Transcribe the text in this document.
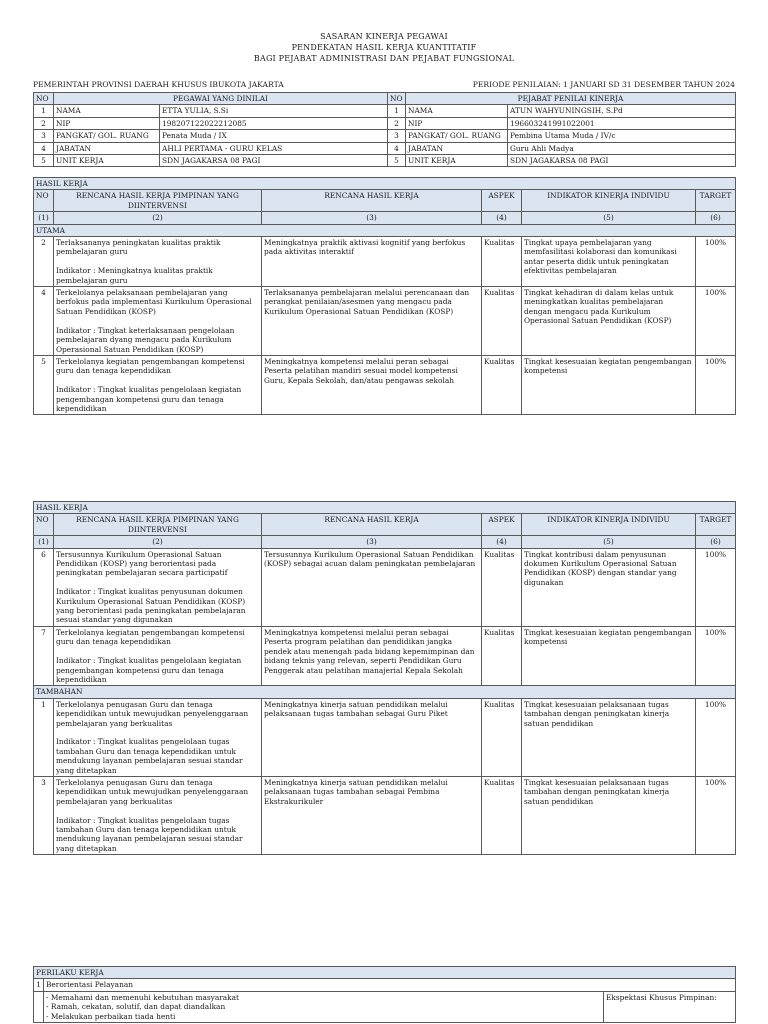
SASARAN KINERJA PEGAWAI
PENDEKATAN HASIL KERJA KUANTITATIF
BAGI PEJABAT ADMINISTRASI DAN PEJABAT FUNGSIONAL
PEMERINTAH PROVINSI DAERAH KHUSUS IBUKOTA JAKARTA	PERIODE PENILAIAN: 1 JANUARI SD 31 DESEMBER TAHUN 2024
NO	PEGAWAI YANG DINILAI		NO	PEJABAT PENILAI KINERJA	
1	NAMA	ETTA YULIA, S.Si	1	NAMA	ATUN WAHYUNINGSIH, S.Pd
2	NIP	198207122022212085	2	NIP	196603241991022001
3	PANGKAT/ GOL. RUANG	Penata Muda / IX	3	PANGKAT/ GOL. RUANG	Pembina Utama Muda / IV/c
4	JABATAN	AHLI PERTAMA - GURU KELAS	4	JABATAN	Guru Ahli Madya
5	UNIT KERJA	SDN JAGAKARSA 08 PAGI	5	UNIT KERJA	SDN JAGAKARSA 08 PAGI
HASIL KERJA					
NO	RENCANA HASIL KERJA PIMPINAN YANG DIINTERVENSI	RENCANA HASIL KERJA	ASPEK	INDIKATOR KINERJA INDIVIDU	TARGET
(1)	(2)	(3)	(4)	(5)	(6)
UTAMA					
2	Terlaksananya peningkatan kualitas praktik pembelajaran guru

Indikator : Meningkatnya kualitas praktik pembelajaran guru	Meningkatnya praktik aktivasi kognitif yang berfokus pada aktivitas interaktif	Kualitas	Tingkat upaya pembelajaran yang memfasilitasi kolaborasi dan komunikasi antar peserta didik untuk peningkatan efektivitas pembelajaran	100%
4	Terkelolanya pelaksanaan pembelajaran yang berfokus pada implementasi Kurikulum Operasional Satuan Pendidikan (KOSP)

Indikator : Tingkat keterlaksanaan pengelolaan pembelajaran dyang mengacu pada Kurikulum Operasional Satuan Pendidikan (KOSP)	Terlaksananya pembelajaran melalui perencanaan dan perangkat penilaian/asesmen yang mengacu pada Kurikulum Operasional Satuan Pendidikan (KOSP)	Kualitas	Tingkat kehadiran di dalam kelas untuk meningkatkan kualitas pembelajaran dengan mengacu pada Kurikulum Operasional Satuan Pendidikan (KOSP)	100%
5	Terkelolanya kegiatan pengembangan kompetensi guru dan tenaga kependidikan

Indikator : Tingkat kualitas pengelolaan kegiatan pengembangan kompetensi guru dan tenaga kependidikan	Meningkatnya kompetensi melalui peran sebagai Peserta pelatihan mandiri sesuai model kompetensi Guru, Kepala Sekolah, dan/atau pengawas sekolah	Kualitas	Tingkat kesesuaian kegiatan pengembangan kompetensi	100%
HASIL KERJA					
NO	RENCANA HASIL KERJA PIMPINAN YANG DIINTERVENSI	RENCANA HASIL KERJA	ASPEK	INDIKATOR KINERJA INDIVIDU	TARGET
(1)	(2)	(3)	(4)	(5)	(6)
6	Tersusunnya Kurikulum Operasional Satuan Pendidikan (KOSP) yang berorientasi pada peningkatan pembelajaran secara participatif

Indikator : Tingkat kualitas penyusunan dokumen Kurikulum Operasional Satuan Pendidikan (KOSP) yang berorientasi pada peningkatan pembelajaran sesuai standar yang digunakan	Tersusunnya Kurikulum Operasional Satuan Pendidikan (KOSP) sebagai acuan dalam peningkatan pembelajaran	Kualitas	Tingkat kontribusi dalam penyusunan dokumen Kurikulum Operasional Satuan Pendidikan (KOSP) dengan standar yang digunakan	100%
7	Terkelolanya kegiatan pengembangan kompetensi guru dan tenaga kependidikan

Indikator : Tingkat kualitas pengelolaan kegiatan pengembangan kompetensi guru dan tenaga kependidikan	Meningkatnya kompetensi melalui peran sebagai Peserta program pelatihan dan pendidikan jangka pendek atau menengah pada bidang kepemimpinan dan bidang teknis yang relevan, seperti Pendidikan Guru Penggerak atau pelatihan manajerial Kepala Sekolah	Kualitas	Tingkat kesesuaian kegiatan pengembangan kompetensi	100%
TAMBAHAN					
1	Terkelolanya penugasan Guru dan tenaga kependidikan untuk mewujudkan penyelenggaraan pembelajaran yang berkualitas

Indikator : Tingkat kualitas pengelolaan tugas tambahan Guru dan tenaga kependidikan untuk mendukung layanan pembelajaran sesuai standar yang ditetapkan	Meningkatnya kinerja satuan pendidikan melalui pelaksanaan tugas tambahan sebagai Guru Piket	Kualitas	Tingkat kesesuaian pelaksanaan tugas tambahan dengan peningkatan kinerja satuan pendidikan	100%
3	Terkelolanya penugasan Guru dan tenaga kependidikan untuk mewujudkan penyelenggaraan pembelajaran yang berkualitas

Indikator : Tingkat kualitas pengelolaan tugas tambahan Guru dan tenaga kependidikan untuk mendukung layanan pembelajaran sesuai standar yang ditetapkan	Meningkatnya kinerja satuan pendidikan melalui pelaksanaan tugas tambahan sebagai Pembina Ekstrakurikuler	Kualitas	Tingkat kesesuaian pelaksanaan tugas tambahan dengan peningkatan kinerja satuan pendidikan	100%
PERILAKU KERJA		
1	Berorientasi Pelayanan	

	- Memahami dan memenuhi kebutuhan masyarakat
- Ramah, cekatan, solutif, dan dapat diandalkan
- Melakukan perbaikan tiada henti	Ekspektasi Khusus Pimpinan:
